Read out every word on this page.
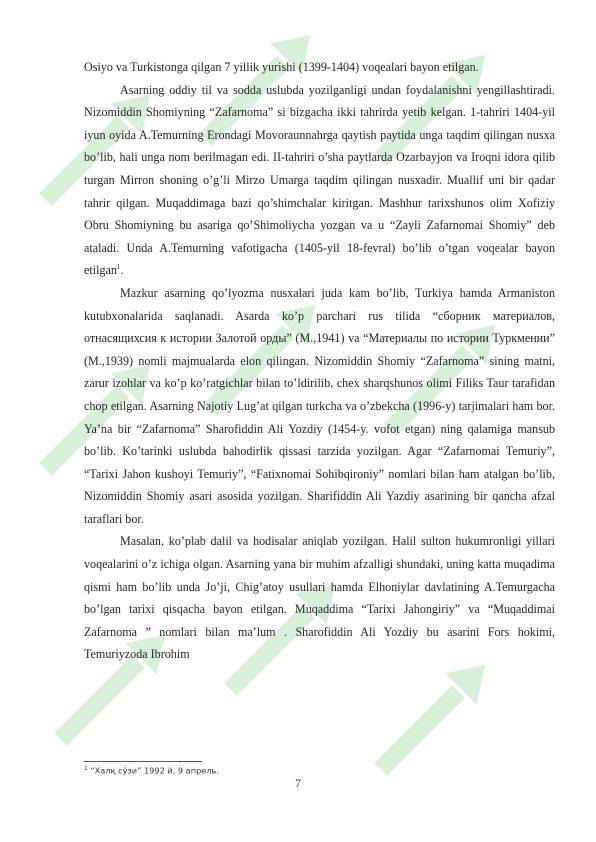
Osiyo va Turkistonga qilgan 7 yillik yurishi (1399-1404) voqealari bayon etilgan.

Asarning oddiy til va sodda uslubda yozilganligi undan foydalanishni yengillashtiradi. Nizomiddin Shomiyning “Zafarnoma” si bizgacha ikki tahrirda yetib kelgan. 1-tahriri 1404-yil iyun oyida A.Temurning Erondagi Movoraunnahrga qaytish paytida unga taqdim qilingan nusxa bo’lib, hali unga nom berilmagan edi. II-tahriri o’sha paytlarda Ozarbayjon va Iroqni idora qilib turgan Mirron shoning o’g’li Mirzo Umarga taqdim qilingan nusxadir. Muallif uni bir qadar tahrir qilgan. Muqaddimaga bazi qo’shimchalar kiritgan. Mashhur tarixshunos olim Xofiziy Obru Shomiyning bu asariga qo’Shimoliycha yozgan va u “Zayli Zafarnomai Shomiy” deb ataladi. Unda A.Temurning vafotigacha (1405-yil 18-fevral) bo’lib o’tgan voqealar bayon etilgan$^1$.

Mazkur asarning qo’lyozma nusxalari juda kam bo’lib, Turkiya hamda Armaniston kutubxonalarida saqlanadi. Asarda ko’p parchari rus tilida “сборник материалов, отнасящихсия к истории Залотой орды” (M.,1941) va “Материалы по истории Туркмении” (M.,1939) nomli majmualarda elon qilingan. Nizomiddin Shomiy “Zafarnoma” sining matni, zarur izohlar va ko’p ko’ratgichlar bilan to’ldirilib, chex sharqshunos olimi Filiks Taur tarafidan chop etilgan. Asarning Najotiy Lug’at qilgan turkcha va o’zbekcha (1996-y) tarjimalari ham bor. Ya’na bir “Zafarnoma” Sharofiddin Ali Yozdiy (1454-y. vofot etgan) ning qalamiga mansub bo’lib. Ko’tarinki uslubda bahodirlik qissasi tarzida yozilgan. Agar “Zafarnomai Temuriy”, “Tarixi Jahon kushoyi Temuriy”, “Fatixnomai Sohibqironiy” nomlari bilan ham atalgan bo’lib, Nizomiddin Shomiy asari asosida yozilgan. Sharifiddin Ali Yazdiy asarining bir qancha afzal taraflari bor.

Masalan, ko’plab dalil va hodisalar aniqlab yozilgan. Halil sulton hukumronligi yillari voqealarini o’z ichiga olgan. Asarning yana bir muhim afzalligi shundaki, uning katta muqadima qismi ham bo’lib unda Jo’ji, Chig’atoy usullari hamda Elhoniylar davlatining A.Temurgacha bo’lgan tarixi qisqacha bayon etilgan. Muqaddima “Tarixi Jahongiriy” va “Muqaddimai Zafarnoma ” nomlari bilan ma’lum . Sharofiddin Ali Yozdiy bu asarini Fors hokimi, Temuriyzoda Ibrohim

$^1$ “Халқ сўзи” 1992 й, 9 апрель.
7
